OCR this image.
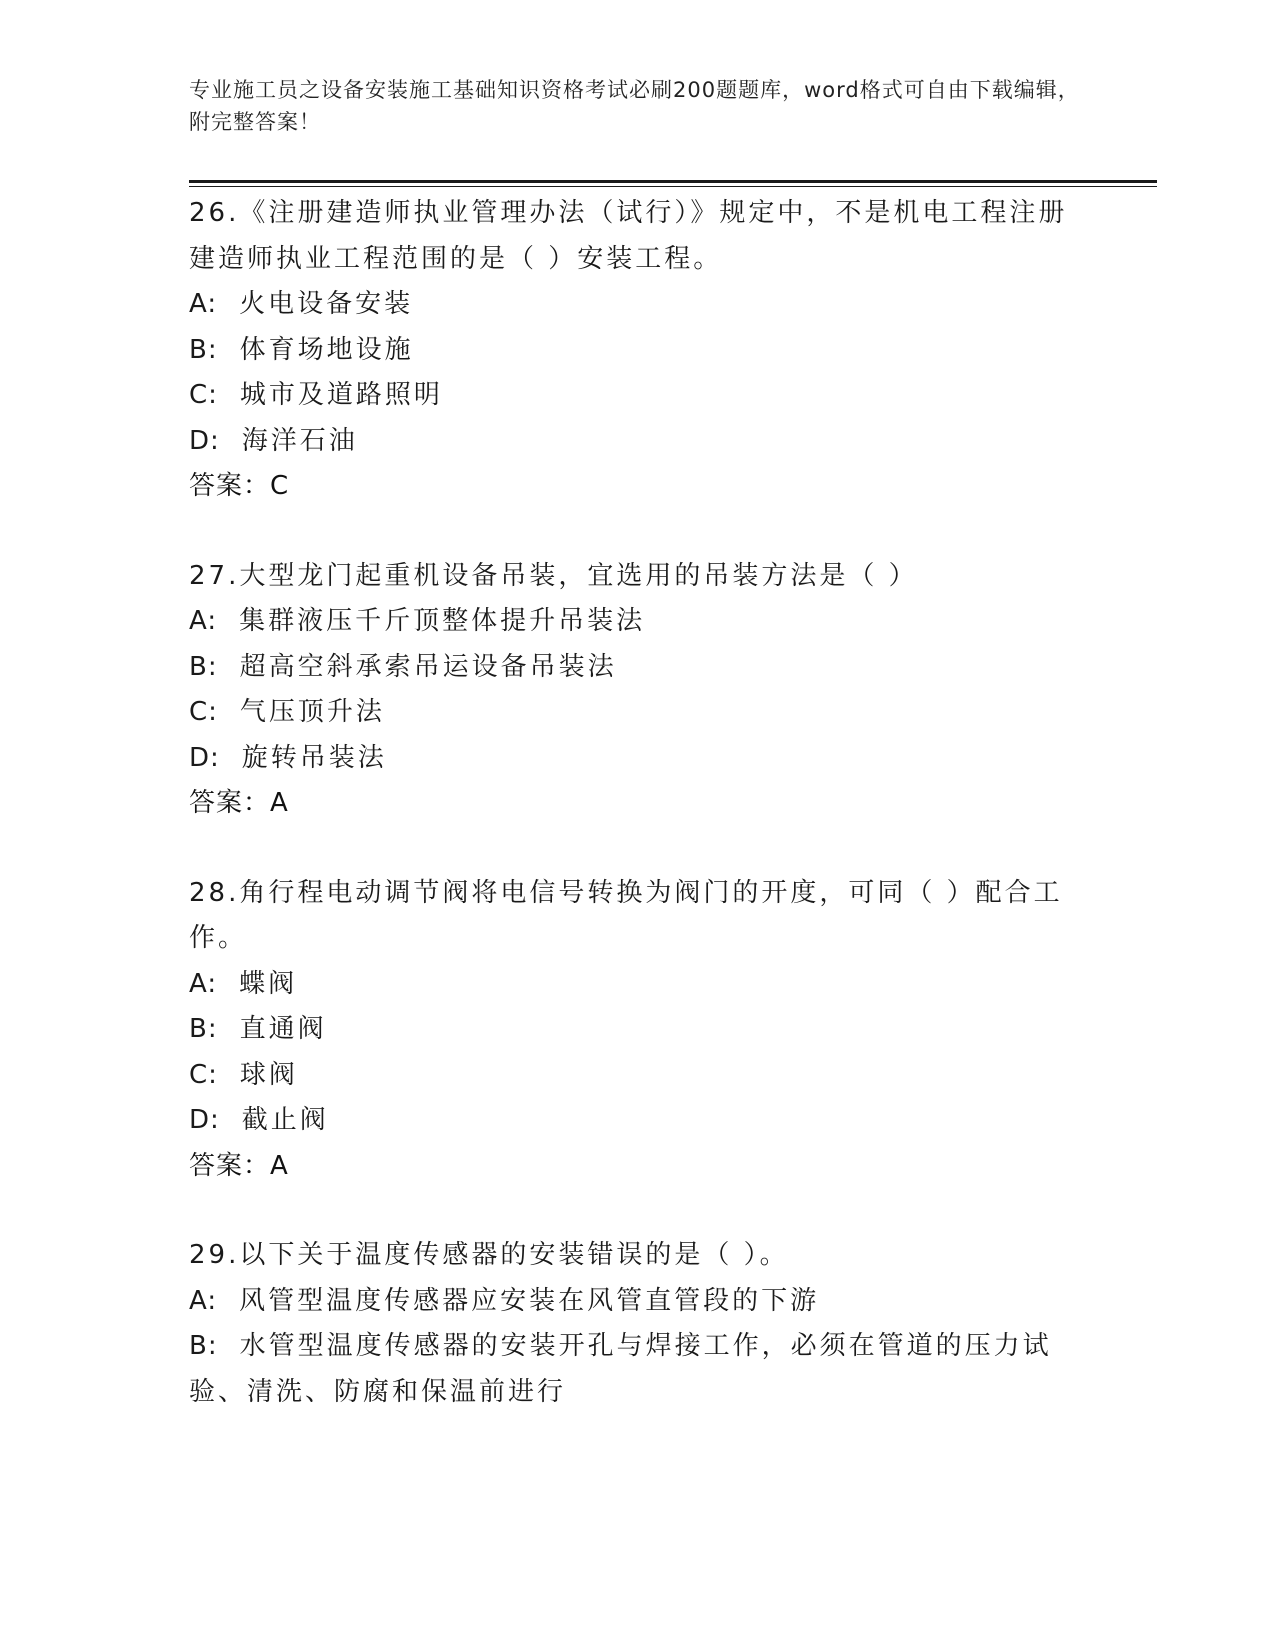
专业施工员之设备安装施工基础知识资格考试必刷200题题库，word格式可自由下载编辑，附完整答案！
26.《注册建造师执业管理办法（试行）》规定中，不是机电工程注册建造师执业工程范围的是（ ）安装工程。
A: 火电设备安装
B: 体育场地设施
C: 城市及道路照明
D: 海洋石油
答案：C
27.大型龙门起重机设备吊装，宜选用的吊装方法是（ ）
A: 集群液压千斤顶整体提升吊装法
B: 超高空斜承索吊运设备吊装法
C: 气压顶升法
D: 旋转吊装法
答案：A
28.角行程电动调节阀将电信号转换为阀门的开度，可同（ ）配合工作。
A: 蝶阀
B: 直通阀
C: 球阀
D: 截止阀
答案：A
29.以下关于温度传感器的安装错误的是（ ）。
A: 风管型温度传感器应安装在风管直管段的下游
B: 水管型温度传感器的安装开孔与焊接工作，必须在管道的压力试验、清洗、防腐和保温前进行
